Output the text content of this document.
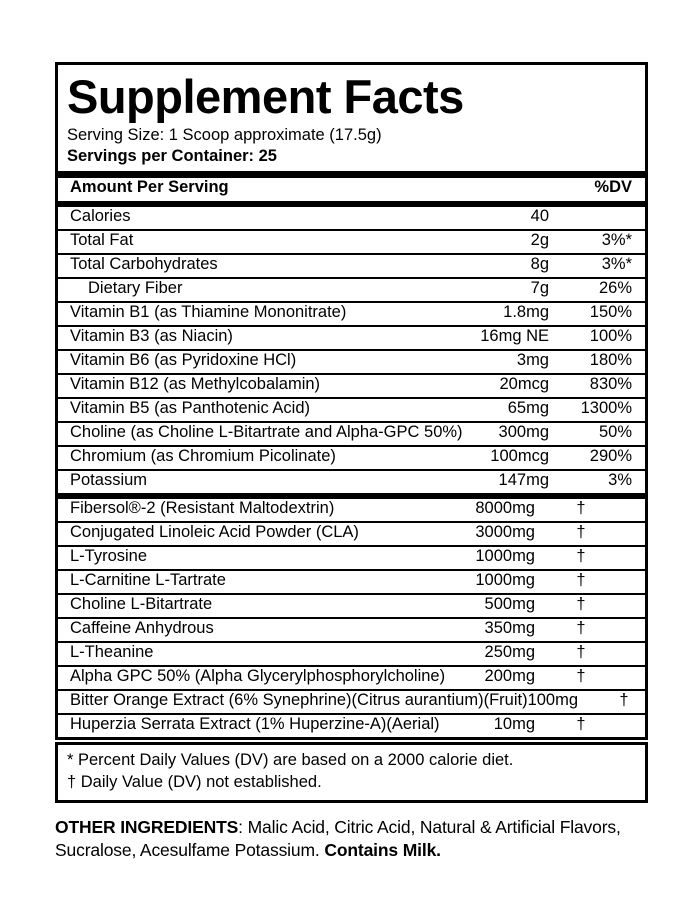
Supplement Facts
Serving Size: 1 Scoop approximate (17.5g)
Servings per Container: 25
Amount Per Serving	%DV
Calories	40
Total Fat	2g	3%*
Total Carbohydrates	8g	3%*
Dietary Fiber	7g	26%
Vitamin B1 (as Thiamine Mononitrate)	1.8mg	150%
Vitamin B3 (as Niacin)	16mg NE	100%
Vitamin B6 (as Pyridoxine HCl)	3mg	180%
Vitamin B12 (as Methylcobalamin)	20mcg	830%
Vitamin B5 (as Panthotenic Acid)	65mg	1300%
Choline (as Choline L-Bitartrate and Alpha-GPC 50%)	300mg	50%
Chromium (as Chromium Picolinate)	100mcg	290%
Potassium	147mg	3%
Fibersol®-2 (Resistant Maltodextrin)	8000mg	†
Conjugated Linoleic Acid Powder (CLA)	3000mg	†
L-Tyrosine	1000mg	†
L-Carnitine L-Tartrate	1000mg	†
Choline L-Bitartrate	500mg	†
Caffeine Anhydrous	350mg	†
L-Theanine	250mg	†
Alpha GPC 50% (Alpha Glycerylphosphorylcholine)	200mg	†
Bitter Orange Extract (6% Synephrine)(Citrus aurantium)(Fruit) 100mg	†
Huperzia Serrata Extract (1% Huperzine-A)(Aerial)	10mg	†
* Percent Daily Values (DV) are based on a 2000 calorie diet.
† Daily Value (DV) not established.
OTHER INGREDIENTS: Malic Acid, Citric Acid, Natural & Artificial Flavors, Sucralose, Acesulfame Potassium. Contains Milk.
